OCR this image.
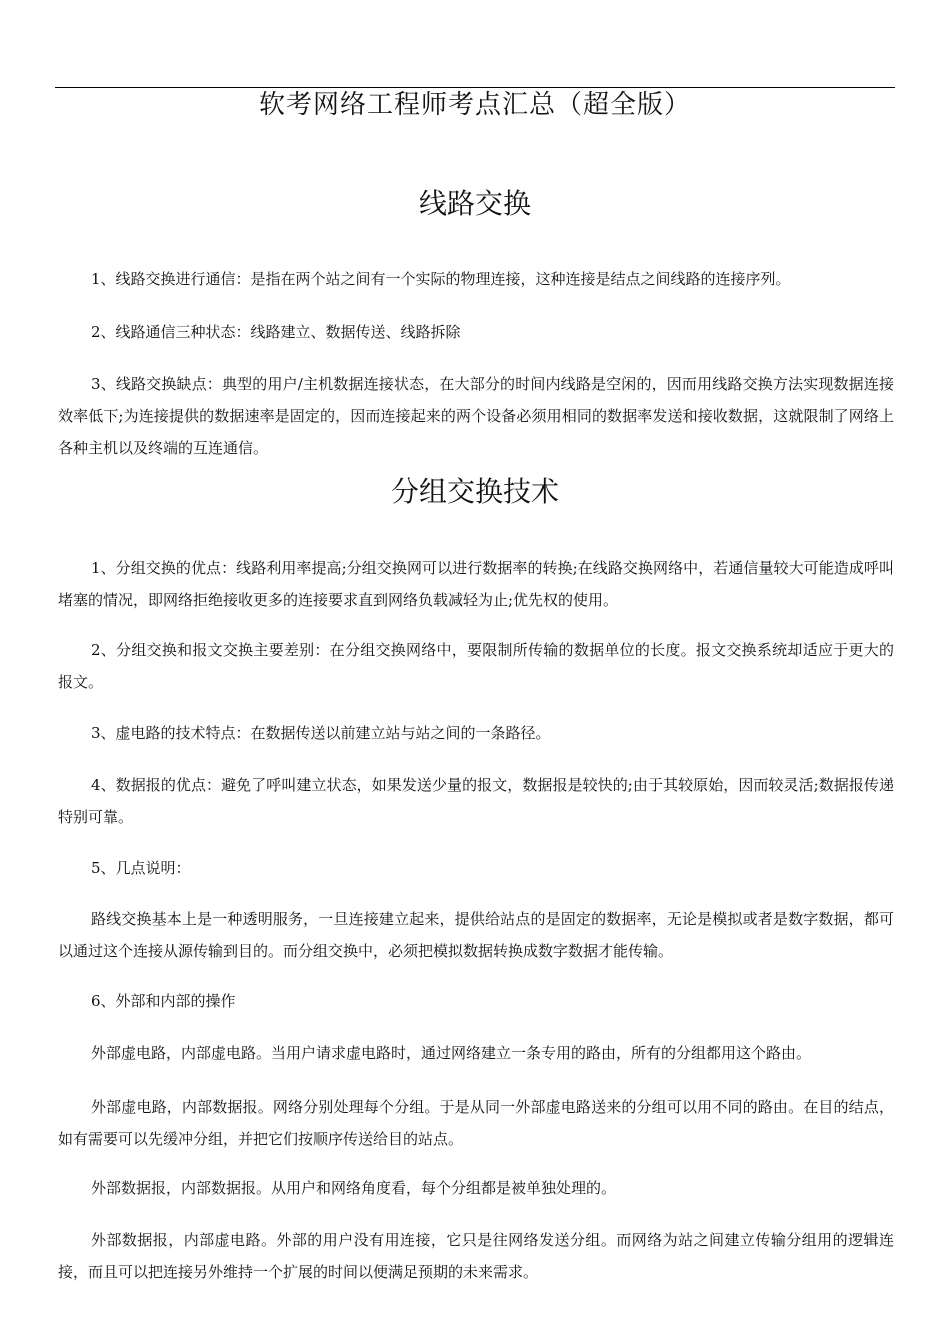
软考网络工程师考点汇总（超全版）
线路交换

1、线路交换进行通信：是指在两个站之间有一个实际的物理连接，这种连接是结点之间线路的连接序列。

2、线路通信三种状态：线路建立、数据传送、线路拆除

3、线路交换缺点：典型的用户/主机数据连接状态，在大部分的时间内线路是空闲的，因而用线路交换方法实现数据连接效率低下;为连接提供的数据速率是固定的，因而连接起来的两个设备必须用相同的数据率发送和接收数据，这就限制了网络上各种主机以及终端的互连通信。

分组交换技术

1、分组交换的优点：线路利用率提高;分组交换网可以进行数据率的转换;在线路交换网络中，若通信量较大可能造成呼叫堵塞的情况，即网络拒绝接收更多的连接要求直到网络负载减轻为止;优先权的使用。

2、分组交换和报文交换主要差别：在分组交换网络中，要限制所传输的数据单位的长度。报文交换系统却适应于更大的报文。

3、虚电路的技术特点：在数据传送以前建立站与站之间的一条路径。

4、数据报的优点：避免了呼叫建立状态，如果发送少量的报文，数据报是较快的;由于其较原始，因而较灵活;数据报传递特别可靠。

5、几点说明：

路线交换基本上是一种透明服务，一旦连接建立起来，提供给站点的是固定的数据率，无论是模拟或者是数字数据，都可以通过这个连接从源传输到目的。而分组交换中，必须把模拟数据转换成数字数据才能传输。

6、外部和内部的操作

外部虚电路，内部虚电路。当用户请求虚电路时，通过网络建立一条专用的路由，所有的分组都用这个路由。

外部虚电路，内部数据报。网络分别处理每个分组。于是从同一外部虚电路送来的分组可以用不同的路由。在目的结点，如有需要可以先缓冲分组，并把它们按顺序传送给目的站点。

外部数据报，内部数据报。从用户和网络角度看，每个分组都是被单独处理的。

外部数据报，内部虚电路。外部的用户没有用连接，它只是往网络发送分组。而网络为站之间建立传输分组用的逻辑连接，而且可以把连接另外维持一个扩展的时间以便满足预期的未来需求。
